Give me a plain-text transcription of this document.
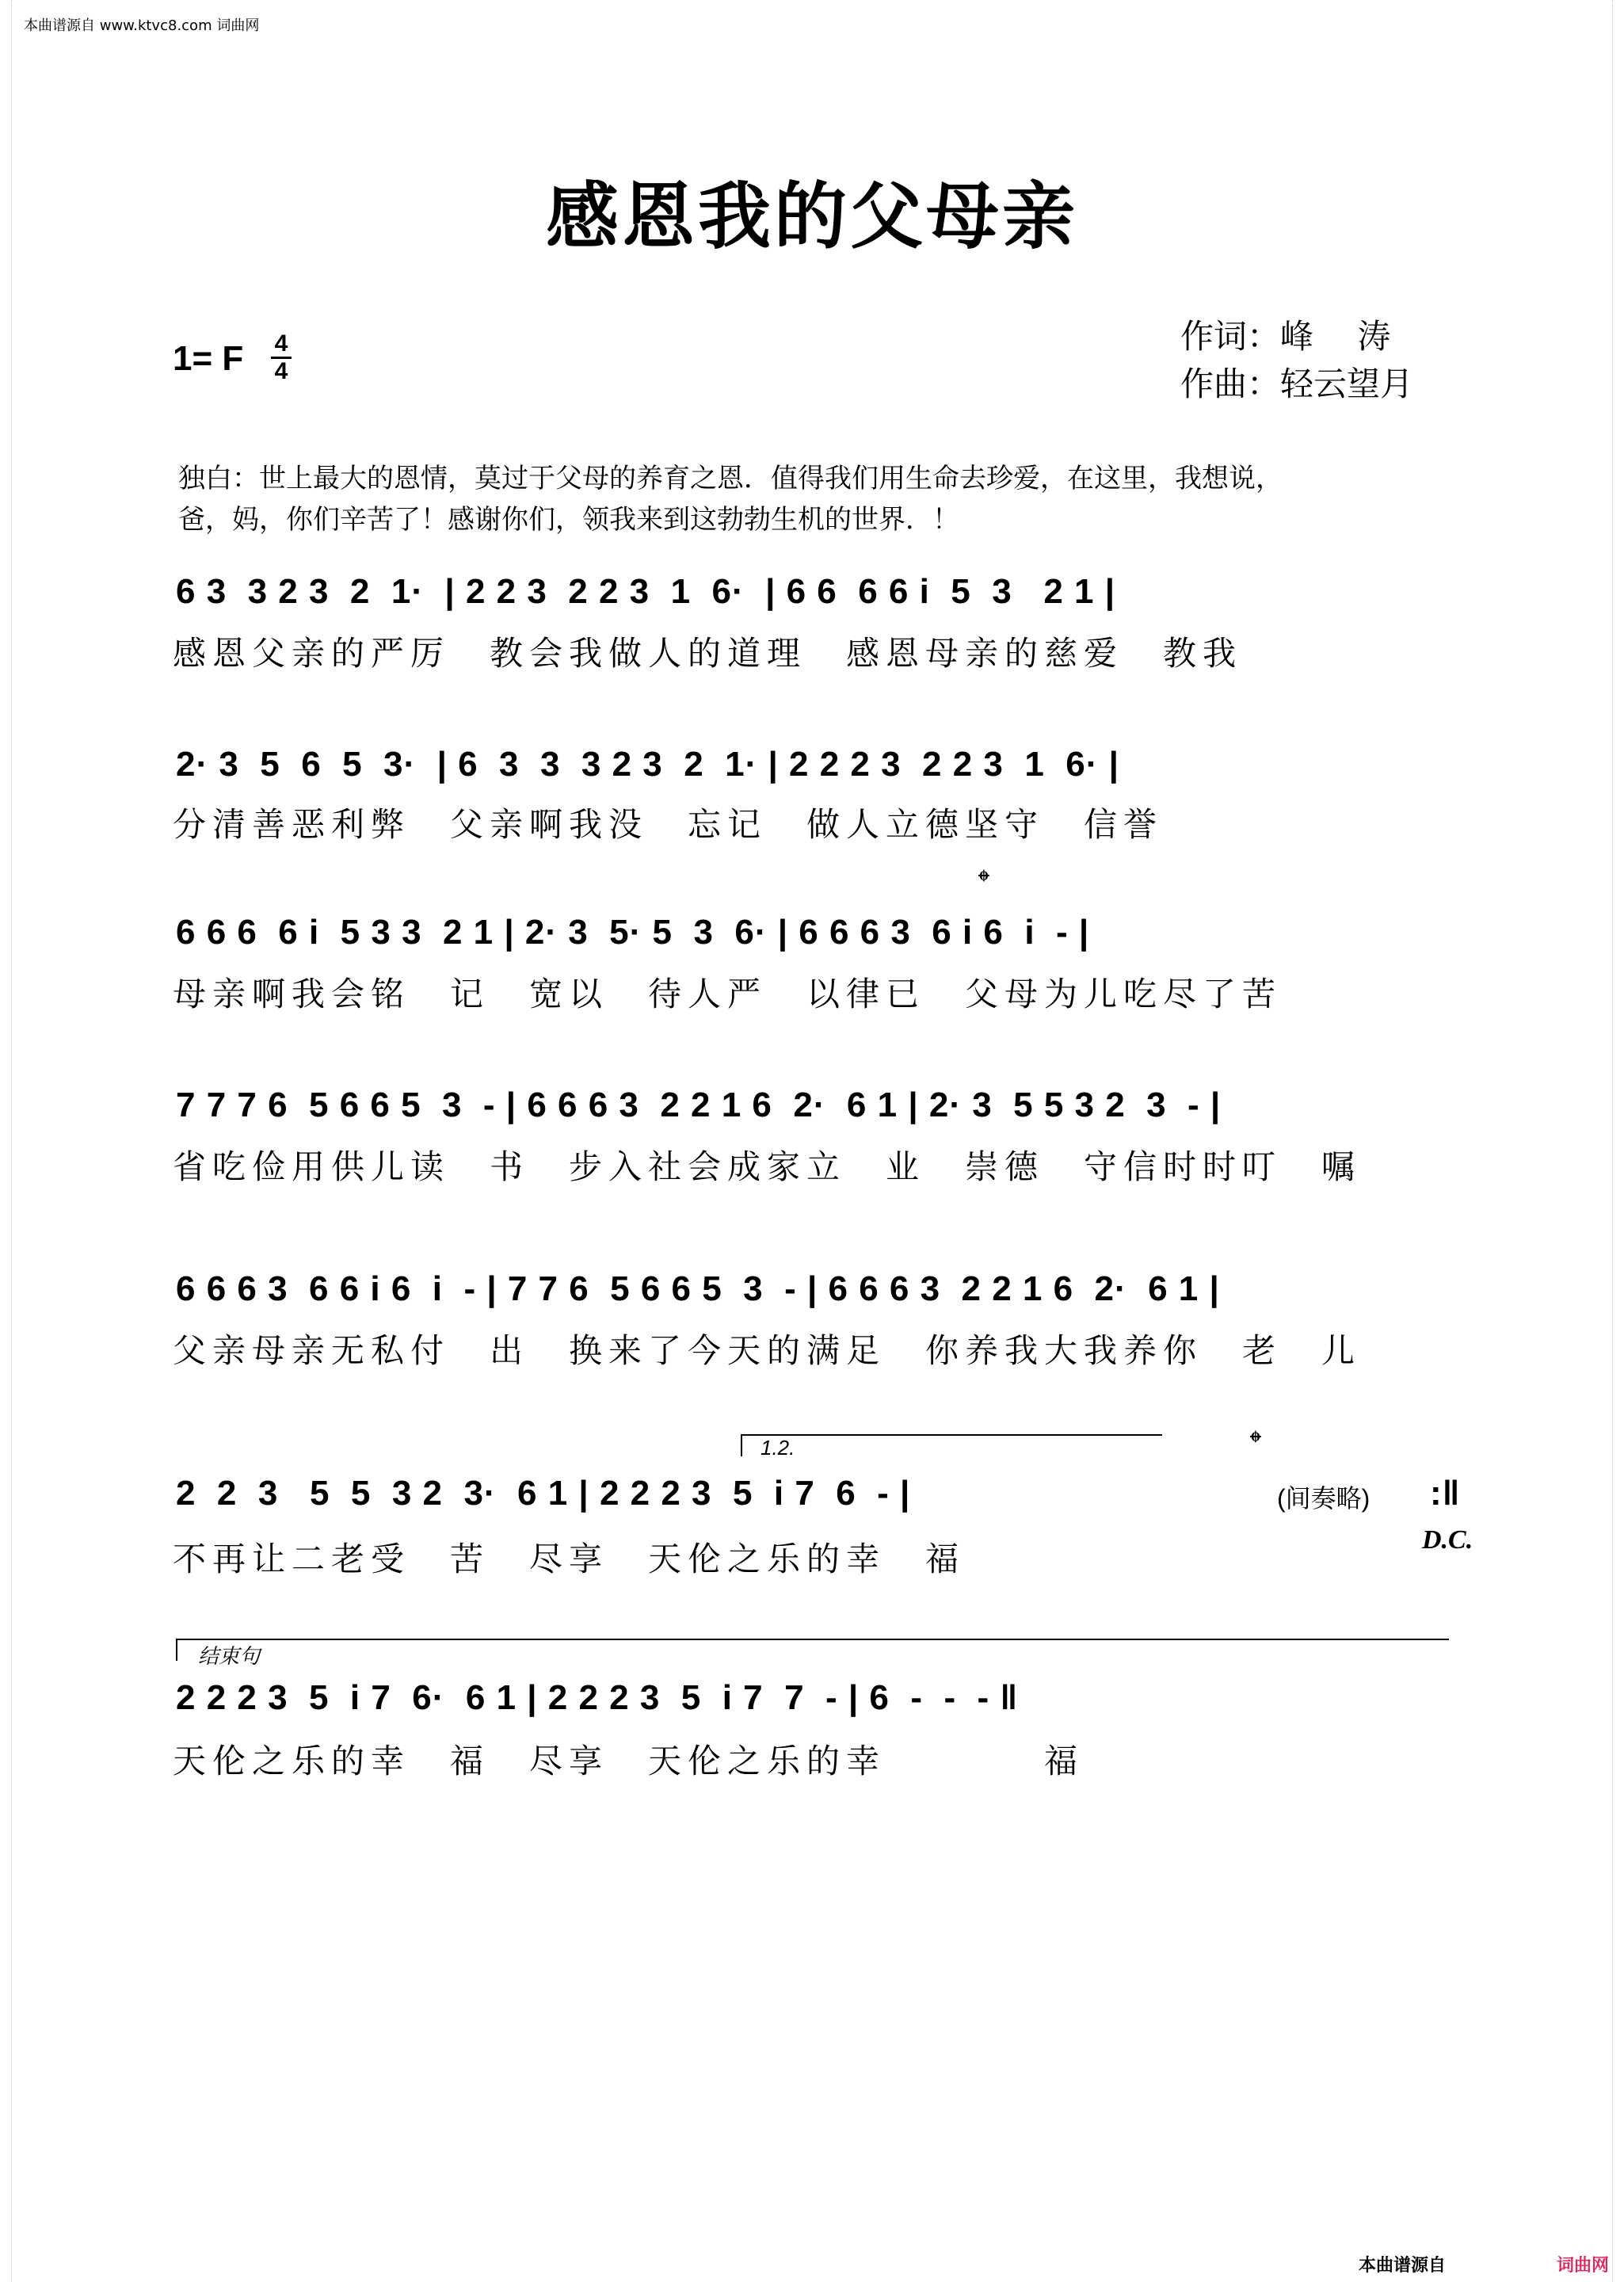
本曲谱源自 www.ktvc8.com 词曲网
感恩我的父母亲
1= F 4
4
作词：峰　 涛
作曲：轻云望月
独白：世上最大的恩情，莫过于父母的养育之恩．值得我们用生命去珍爱，在这里，我想说，
爸，妈，你们辛苦了！感谢你们，领我来到这勃勃生机的世界．！
6 3  3 2 3  2  1·  | 2 2 3  2 2 3  1  6·  | 6 6  6 6 i  5  3   2 1 |
感恩父亲的严厉　教会我做人的道理　感恩母亲的慈爱　教我
2· 3  5  6  5  3·  | 6  3  3  3 2 3  2  1· | 2 2 2 3  2 2 3  1  6· |
分清善恶利弊　父亲啊我没　忘记　做人立德坚守　信誉
𝄌
6 6 6  6 i  5 3 3  2 1 | 2· 3  5· 5  3  6· | 6 6 6 3  6 i 6  i  - |
母亲啊我会铭　记　宽以　待人严　以律已　父母为儿吃尽了苦
7 7 7 6  5 6 6 5  3  - | 6 6 6 3  2 2 1 6  2·  6 1 | 2· 3  5 5 3 2  3  - |
省吃俭用供儿读　书　步入社会成家立　业　崇德　守信时时叮　嘱
6 6 6 3  6 6 i 6  i  - | 7 7 6  5 6 6 5  3  - | 6 6 6 3  2 2 1 6  2·  6 1 |
父亲母亲无私付　出　换来了今天的满足　你养我大我养你　老　儿
1.2.	𝄌
2  2  3   5  5  3 2  3·  6 1 | 2 2 2 3  5  i 7  6  - |	(间奏略) :‖
D.C.
不再让二老受　苦　尽享　天伦之乐的幸　福
结束句
2 2 2 3  5  i 7  6·  6 1 | 2 2 2 3  5  i 7  7  - | 6  -  -  - ‖
天伦之乐的幸　福　尽享　天伦之乐的幸　　　　福
本曲谱源自	词曲网
